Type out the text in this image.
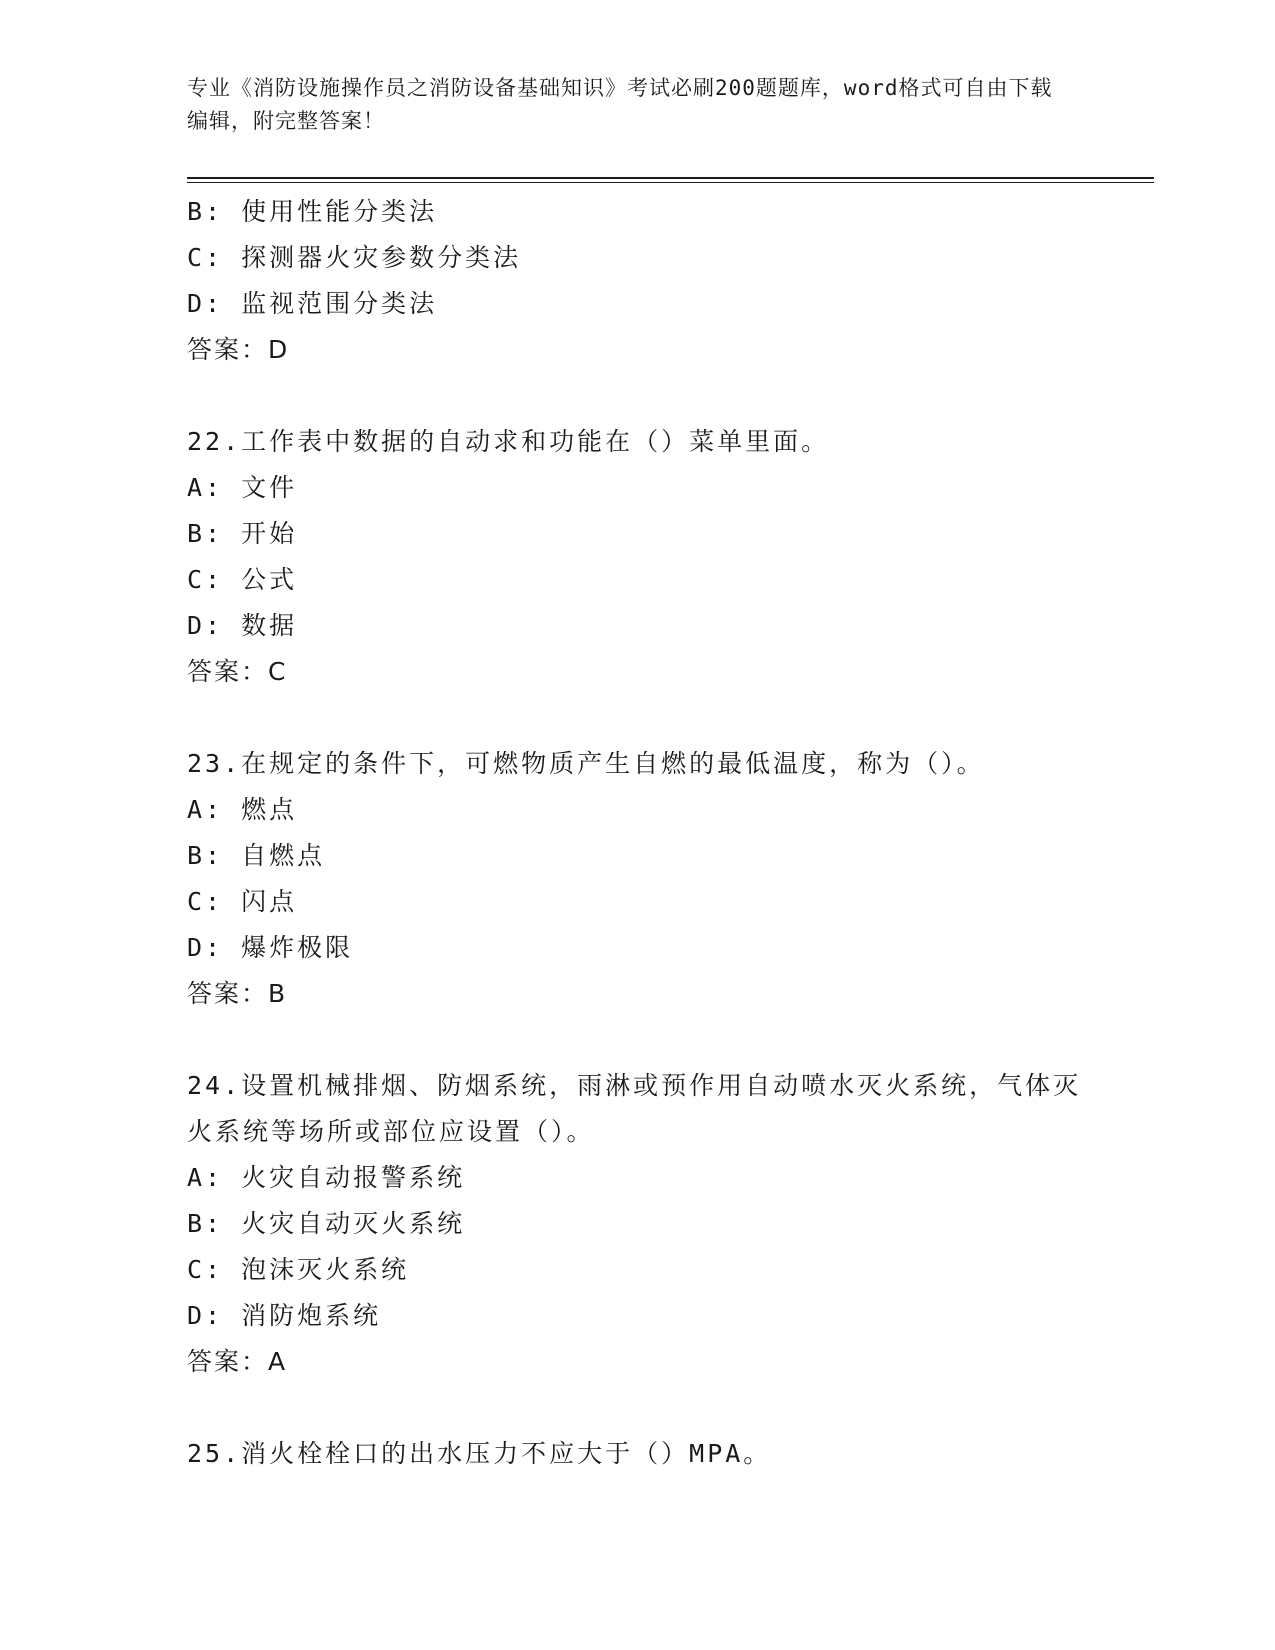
专业《消防设施操作员之消防设备基础知识》考试必刷200题题库，word格式可自由下载编辑，附完整答案！
B: 使用性能分类法
C: 探测器火灾参数分类法
D: 监视范围分类法
答案：D
22.工作表中数据的自动求和功能在（）菜单里面。
A: 文件
B: 开始
C: 公式
D: 数据
答案：C
23.在规定的条件下，可燃物质产生自燃的最低温度，称为（）。
A: 燃点
B: 自燃点
C: 闪点
D: 爆炸极限
答案：B
24.设置机械排烟、防烟系统，雨淋或预作用自动喷水灭火系统，气体灭火系统等场所或部位应设置（）。
A: 火灾自动报警系统
B: 火灾自动灭火系统
C: 泡沫灭火系统
D: 消防炮系统
答案：A
25.消火栓栓口的出水压力不应大于（）MPA。
